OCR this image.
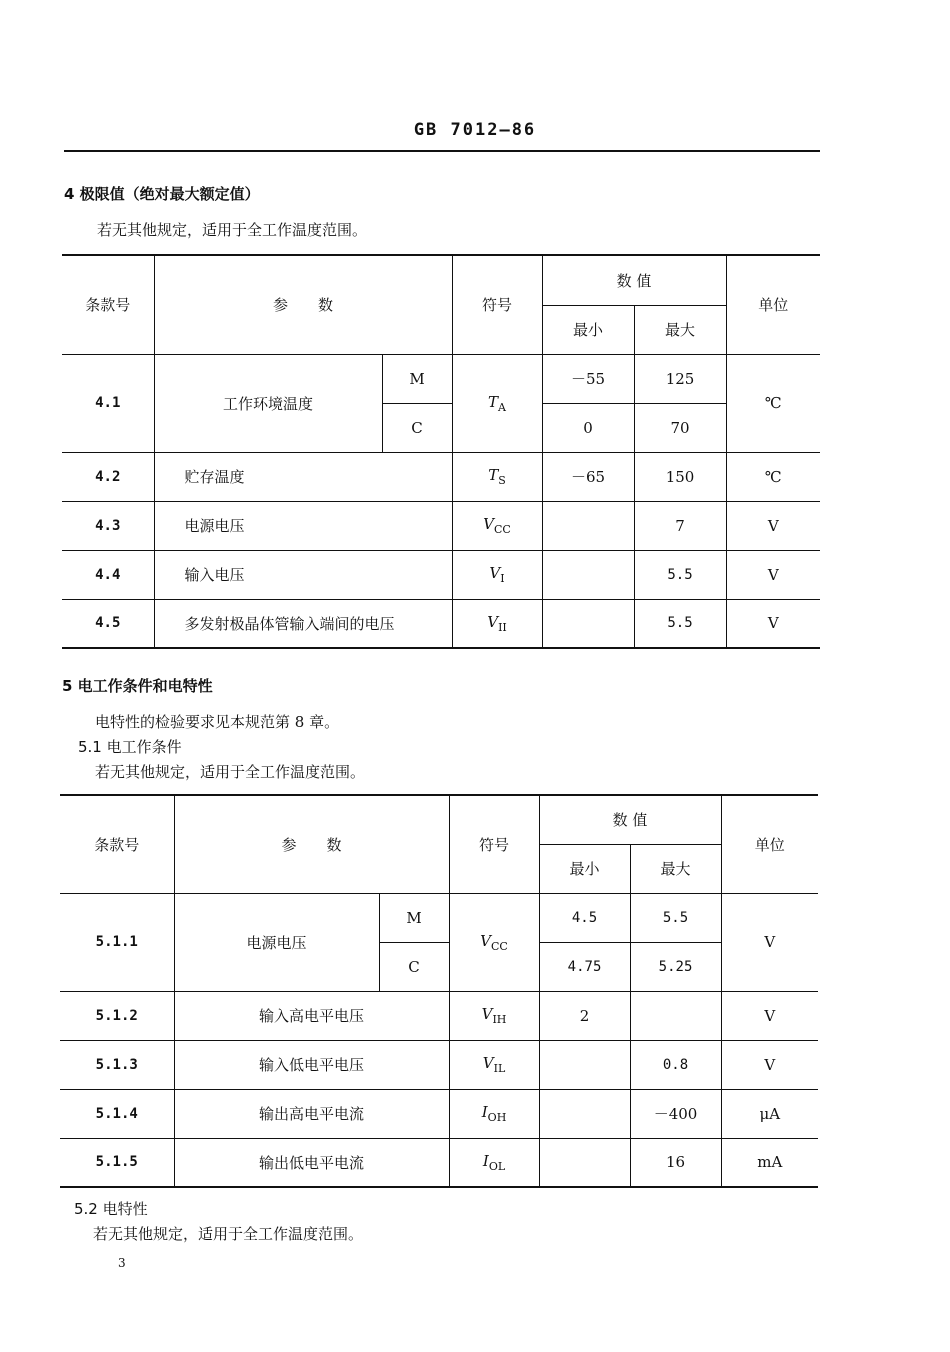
GB 7012—86
4 极限值（绝对最大额定值）
若无其他规定，适用于全工作温度范围。
条款号	参　　数		符号	数 值		单位
				最小	最大	
4.1	工作环境温度	M	$T_A$	－55	125	℃
		C		0	70	
4.2	贮存温度		$T_S$	－65	150	℃
4.3	电源电压		$V_{CC}$		7	V
4.4	输入电压		$V_I$		5.5	V
4.5	多发射极晶体管输入端间的电压		$V_{II}$		5.5	V
5 电工作条件和电特性
电特性的检验要求见本规范第 8 章。
5.1 电工作条件
若无其他规定，适用于全工作温度范围。
条款号	参　　数		符号	数 值		单位
				最小	最大	
5.1.1	电源电压	M	$V_{CC}$	4.5	5.5	V
		C		4.75	5.25	
5.1.2	输入高电平电压		$V_{IH}$	2		V
5.1.3	输入低电平电压		$V_{IL}$		0.8	V
5.1.4	输出高电平电流		$I_{OH}$		－400	μA
5.1.5	输出低电平电流		$I_{OL}$		16	mA
5.2 电特性
若无其他规定，适用于全工作温度范围。
3
